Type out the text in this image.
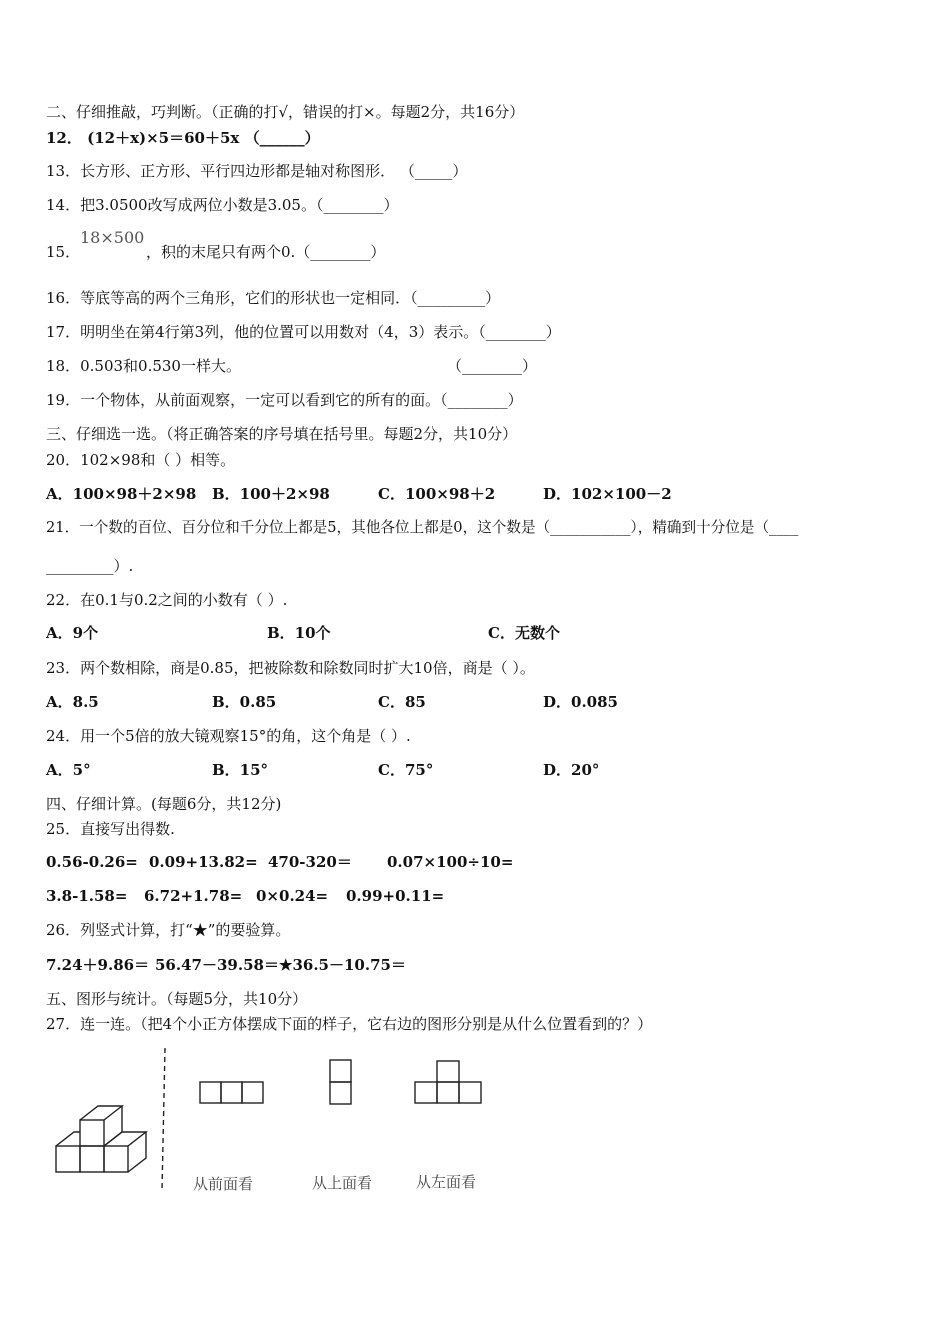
二、仔细推敲，巧判断。（正确的打√，错误的打×。每题2分，共16分）
12． (12＋x)×5＝60＋5x （______）
13．长方形、正方形、平行四边形都是轴对称图形． （_____）
14．把3.0500改写成两位小数是3.05。（________）
15．
18×500
，积的末尾只有两个0.（________）
16．等底等高的两个三角形，它们的形状也一定相同．（_________）
17．明明坐在第4行第3列，他的位置可以用数对（4，3）表示。（________）
18．0.503和0.530一样大。	（________）
19．一个物体，从前面观察，一定可以看到它的所有的面。（________）
三、仔细选一选。（将正确答案的序号填在括号里。每题2分，共10分）
20．102×98和（ ）相等。
A．100×98＋2×98 B．100＋2×98	C．100×98＋2	D．102×100－2
21．一个数的百位、百分位和千分位上都是5，其他各位上都是0，这个数是（___________），精确到十分位是（____
_________）.
22．在0.1与0.2之间的小数有（ ）.
A．9个	B．10个	C．无数个
23．两个数相除，商是0.85，把被除数和除数同时扩大10倍，商是（ ）。
A．8.5	B．0.85	C．85	D．0.085
24．用一个5倍的放大镜观察15°的角，这个角是（ ）.
A．5°	B．15°	C．75°	D．20°
四、仔细计算。(每题6分，共12分)
25．直接写出得数.
0.56-0.26= 0.09+13.82= 470-320＝ 0.07×100÷10=
3.8-1.58= 6.72+1.78= 0×0.24= 0.99+0.11=
26．列竖式计算，打“★”的要验算。
7.24＋9.86＝ 56.47－39.58＝ ★36.5－10.75＝
五、图形与统计。（每题5分，共10分）
27．连一连。（把4个小正方体摆成下面的样子，它右边的图形分别是从什么位置看到的？）
从前面看	从上面看	从左面看
